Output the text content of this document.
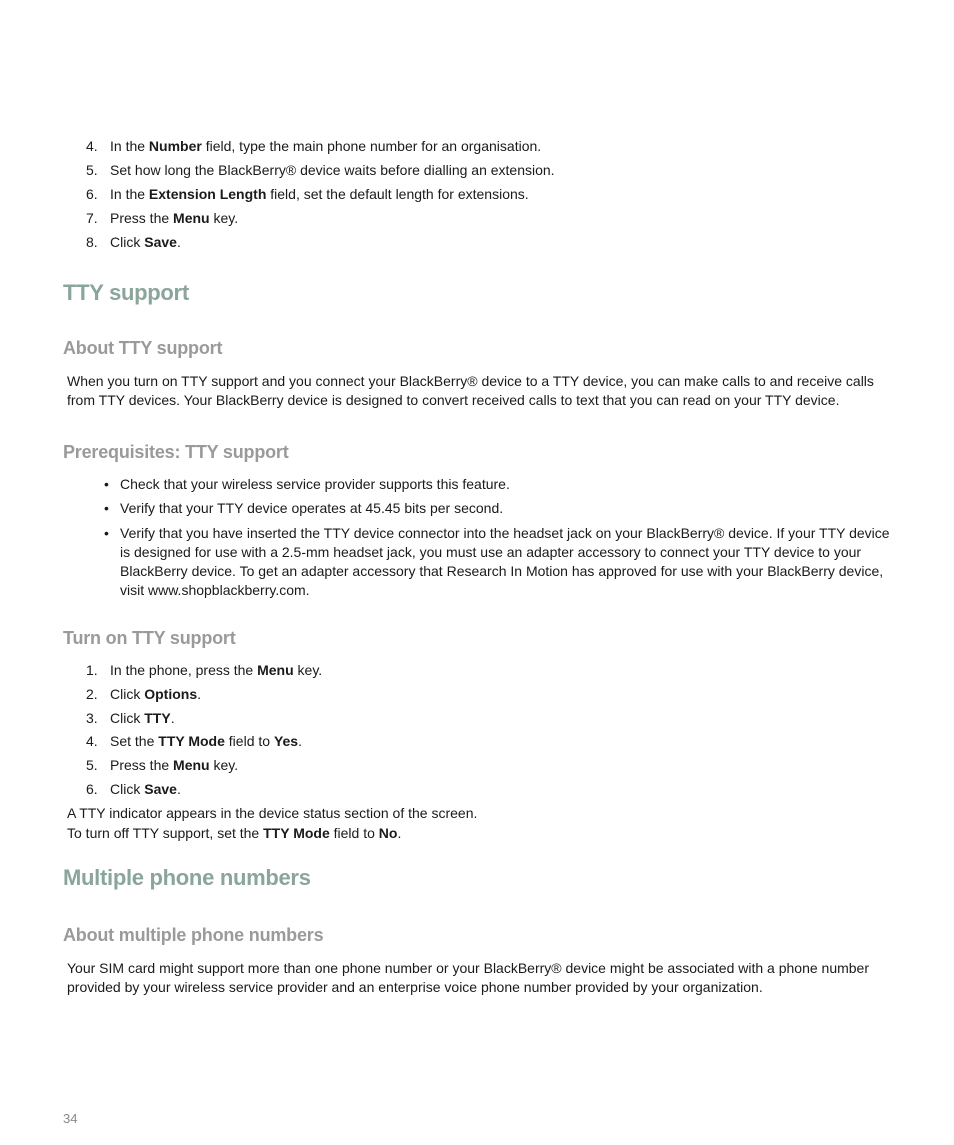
4. In the Number field, type the main phone number for an organisation.
5. Set how long the BlackBerry® device waits before dialling an extension.
6. In the Extension Length field, set the default length for extensions.
7. Press the Menu key.
8. Click Save.
TTY support
About TTY support
When you turn on TTY support and you connect your BlackBerry® device to a TTY device, you can make calls to and receive calls from TTY devices. Your BlackBerry device is designed to convert received calls to text that you can read on your TTY device.
Prerequisites: TTY support
• Check that your wireless service provider supports this feature.
• Verify that your TTY device operates at 45.45 bits per second.
• Verify that you have inserted the TTY device connector into the headset jack on your BlackBerry® device. If your TTY device is designed for use with a 2.5-mm headset jack, you must use an adapter accessory to connect your TTY device to your BlackBerry device. To get an adapter accessory that Research In Motion has approved for use with your BlackBerry device, visit www.shopblackberry.com.
Turn on TTY support
1. In the phone, press the Menu key.
2. Click Options.
3. Click TTY.
4. Set the TTY Mode field to Yes.
5. Press the Menu key.
6. Click Save.
A TTY indicator appears in the device status section of the screen.
To turn off TTY support, set the TTY Mode field to No.
Multiple phone numbers
About multiple phone numbers
Your SIM card might support more than one phone number or your BlackBerry® device might be associated with a phone number provided by your wireless service provider and an enterprise voice phone number provided by your organization.
34
